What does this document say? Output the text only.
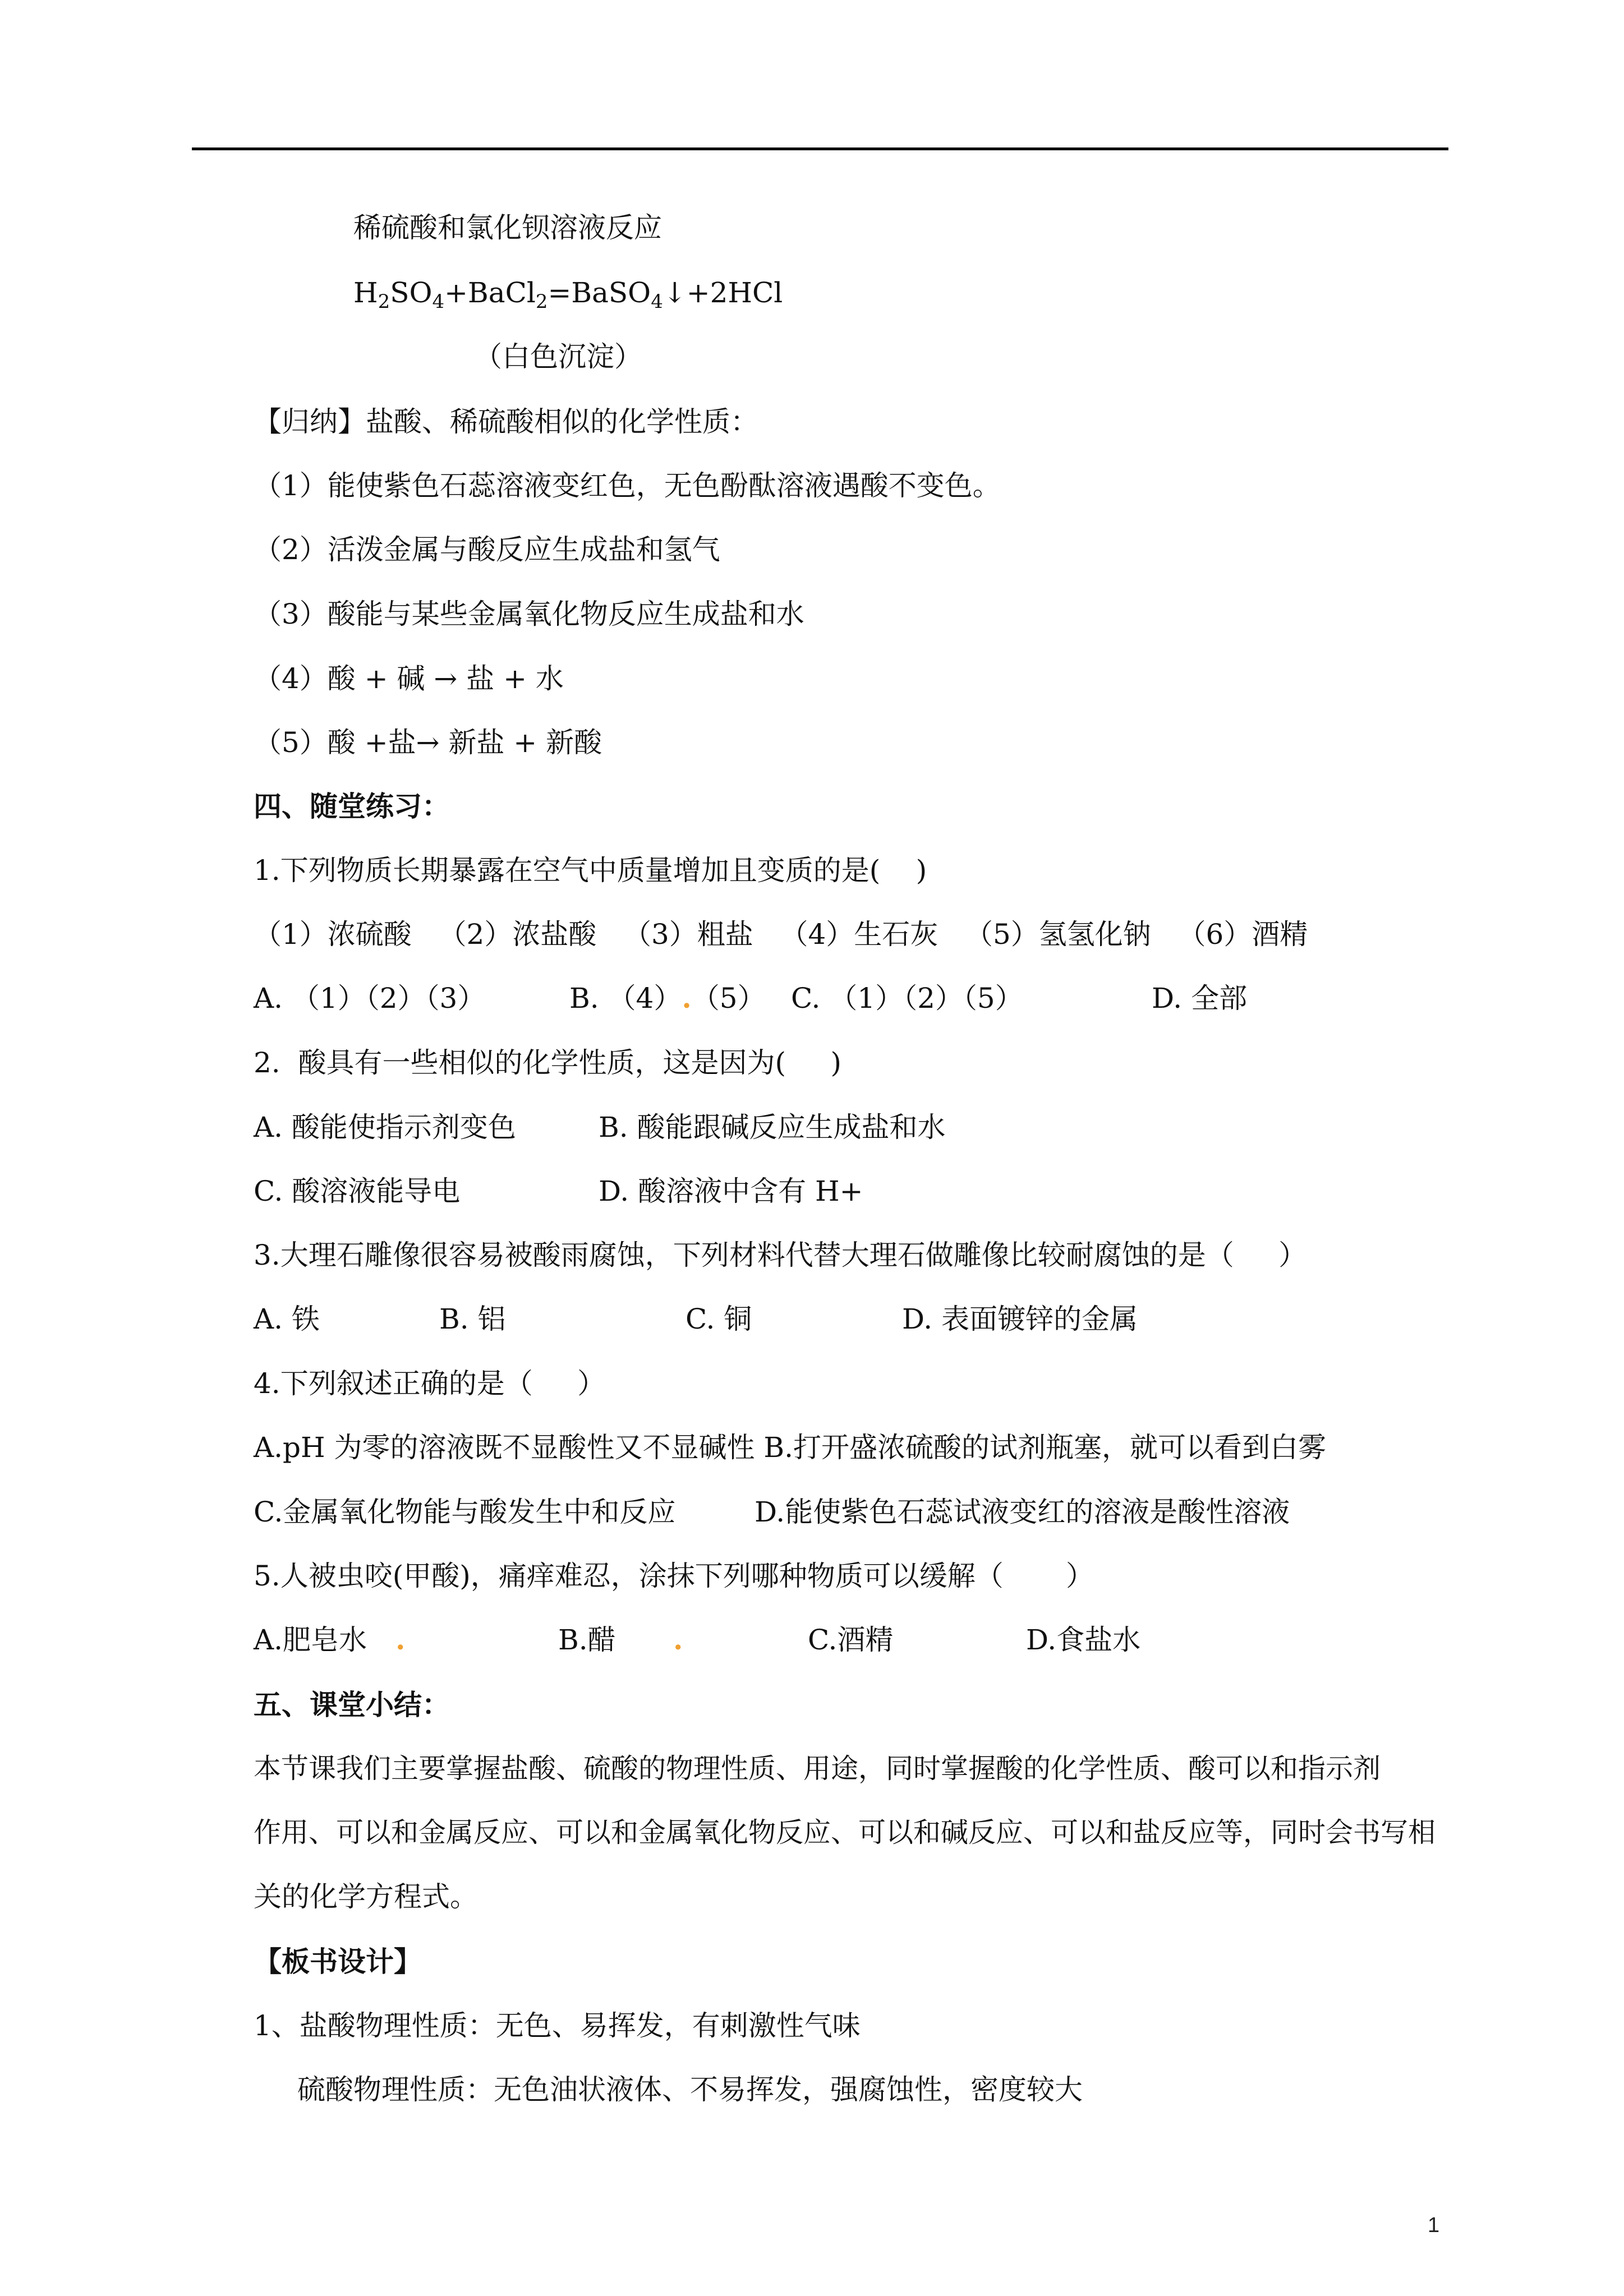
稀硫酸和氯化钡溶液反应
$H_2SO_4+BaCl_2=BaSO_4↓+2HCl$
（白色沉淀）
【归纳】盐酸、稀硫酸相似的化学性质：
（1）能使紫色石蕊溶液变红色，无色酚酞溶液遇酸不变色。
（2）活泼金属与酸反应生成盐和氢气
（3）酸能与某些金属氧化物反应生成盐和水
（4）酸 + 碱 → 盐 + 水
（5）酸 +盐→ 新盐 + 新酸
四、随堂练习：
1.下列物质长期暴露在空气中质量增加且变质的是(    )
（1）浓硫酸   （2）浓盐酸   （3）粗盐   （4）生石灰   （5）氢氢化钠   （6）酒精
A. （1）（2）（3）	B. （4）.（5） C. （1）（2）（5）	D. 全部
2.  酸具有一些相似的化学性质，这是因为(     )
A. 酸能使指示剂变色	B. 酸能跟碱反应生成盐和水
C. 酸溶液能导电	D. 酸溶液中含有 H+
3.大理石雕像很容易被酸雨腐蚀，下列材料代替大理石做雕像比较耐腐蚀的是（     ）
A. 铁	B. 铝	C. 铜	D. 表面镀锌的金属
4.下列叙述正确的是（     ）
A.pH 为零的溶液既不显酸性又不显碱性 B.打开盛浓硫酸的试剂瓶塞，就可以看到白雾
C.金属氧化物能与酸发生中和反应	D.能使紫色石蕊试液变红的溶液是酸性溶液
5.人被虫咬(甲酸)，痛痒难忍，涂抹下列哪种物质可以缓解（       ）
A.肥皂水 .	B.醋 .	C.酒精	D.食盐水
五、课堂小结：
本节课我们主要掌握盐酸、硫酸的物理性质、用途，同时掌握酸的化学性质、酸可以和指示剂
作用、可以和金属反应、可以和金属氧化物反应、可以和碱反应、可以和盐反应等，同时会书写相
关的化学方程式。
【板书设计】
1、盐酸物理性质：无色、易挥发，有刺激性气味
硫酸物理性质：无色油状液体、不易挥发，强腐蚀性，密度较大
1
